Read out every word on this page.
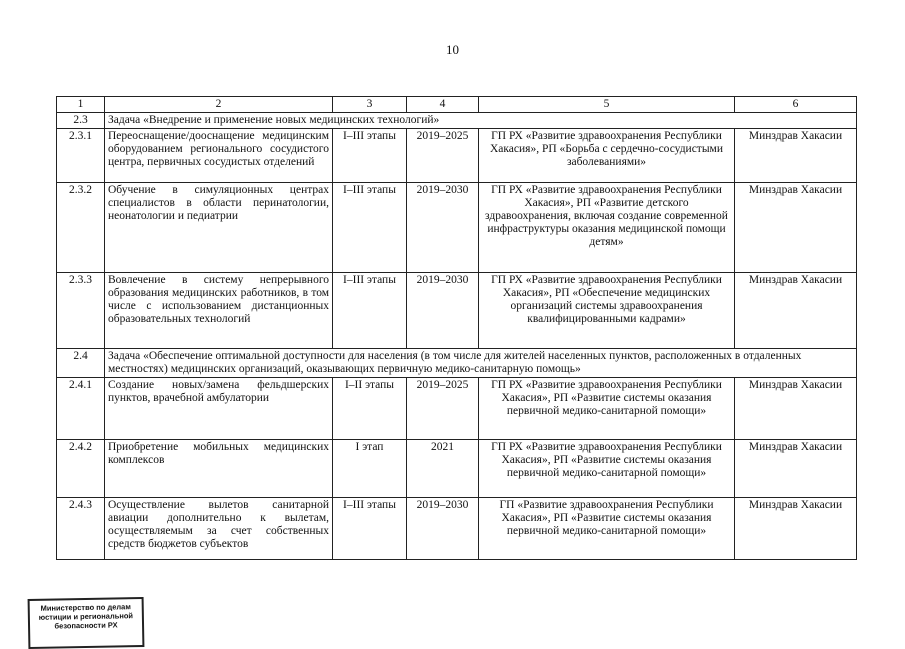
10
1	2	3	4	5	6
2.3	Задача «Внедрение и применение новых медицинских технологий»				
2.3.1	Переоснащение/дооснащение медицинским оборудованием регионального сосудистого центра, первичных сосудистых отделений	I–III этапы	2019–2025	ГП РХ «Развитие здравоохранения Республики Хакасия», РП «Борьба с сердечно-сосудистыми заболеваниями»	Минздрав Хакасии
2.3.2	Обучение в симуляционных центрах специалистов в области перинатологии, неонатологии и педиатрии	I–III этапы	2019–2030	ГП РХ «Развитие здравоохранения Республики Хакасия», РП «Развитие детского здравоохранения, включая создание современной инфраструктуры оказания медицинской помощи детям»	Минздрав Хакасии
2.3.3	Вовлечение в систему непрерывного образования медицинских работников, в том числе с использованием дистанционных образовательных технологий	I–III этапы	2019–2030	ГП РХ «Развитие здравоохранения Республики Хакасия», РП «Обеспечение медицинских организаций системы здравоохранения квалифицированными кадрами»	Минздрав Хакасии
2.4	Задача «Обеспечение оптимальной доступности для населения (в том числе для жителей населенных пунктов, расположенных в отдаленных местностях) медицинских организаций, оказывающих первичную медико-санитарную помощь»				
2.4.1	Создание новых/замена фельдшерских пунктов, врачебной амбулатории	I–II этапы	2019–2025	ГП РХ «Развитие здравоохранения Республики Хакасия», РП «Развитие системы оказания первичной медико-санитарной помощи»	Минздрав Хакасии
2.4.2	Приобретение мобильных медицинских комплексов	I этап	2021	ГП РХ «Развитие здравоохранения Республики Хакасия», РП «Развитие системы оказания первичной медико-санитарной помощи»	Минздрав Хакасии
2.4.3	Осуществление вылетов санитарной авиации дополнительно к вылетам, осуществляемым за счет собственных средств бюджетов субъектов	I–III этапы	2019–2030	ГП «Развитие здравоохранения Республики Хакасия», РП «Развитие системы оказания первичной медико-санитарной помощи»	Минздрав Хакасии
Министерство по делам
юстиции и региональной
безопасности РХ
